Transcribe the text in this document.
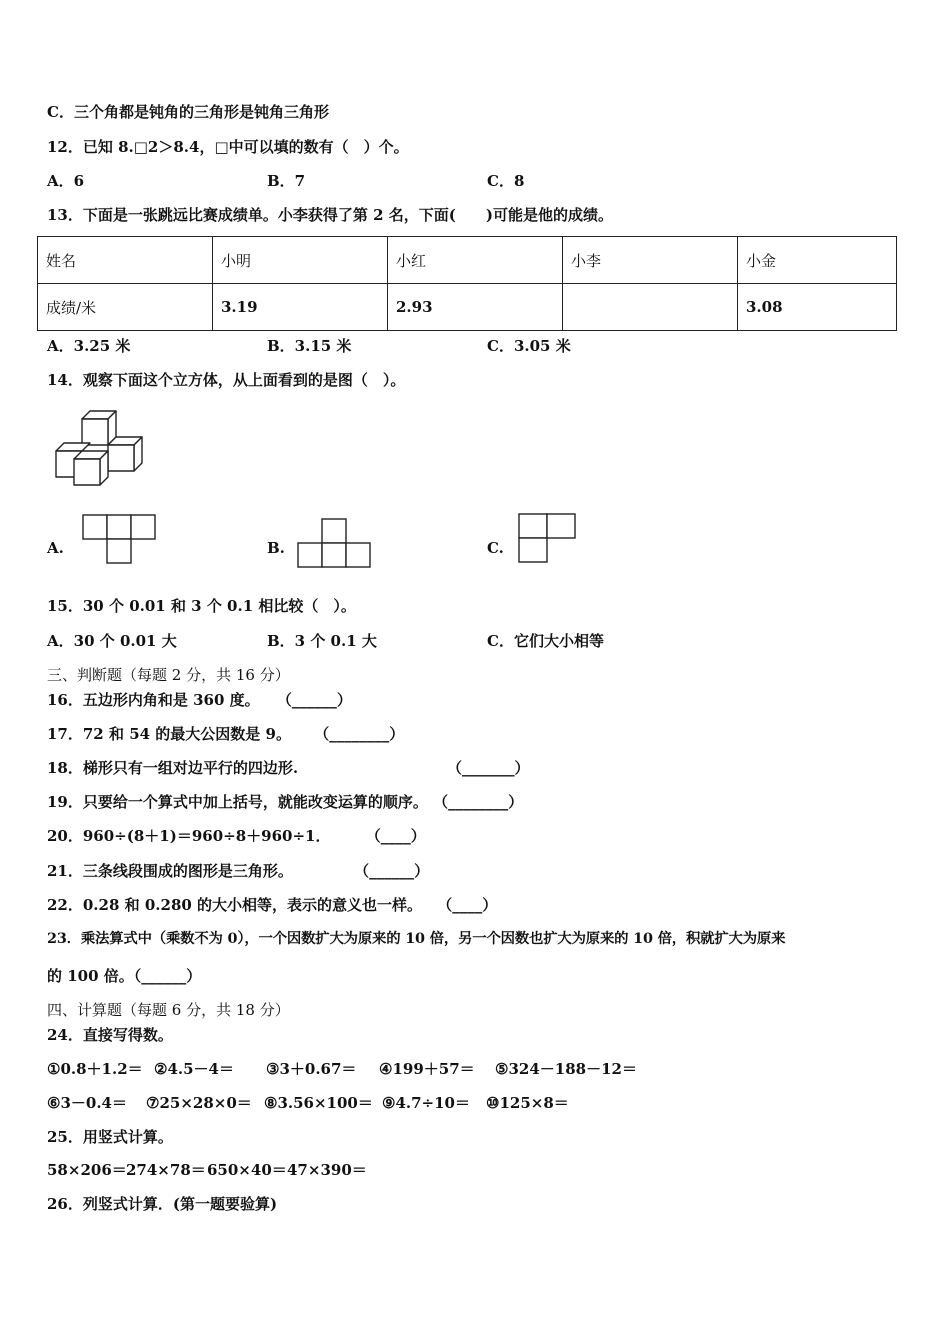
C．三个角都是钝角的三角形是钝角三角形
12．已知 8.□2＞8.4，□中可以填的数有（　）个。
A．6	B．7	C．8
13．下面是一张跳远比赛成绩单。小李获得了第 2 名，下面(　　)可能是他的成绩。
姓名	小明	小红	小李	小金
成绩/米	3.19	2.93		3.08
A．3.25 米	B．3.15 米	C．3.05 米
14．观察下面这个立方体，从上面看到的是图（　）。
A.	B.	C.
15．30 个 0.01 和 3 个 0.1 相比较（　）。
A．30 个 0.01 大	B．3 个 0.1 大	C．它们大小相等
三、判断题（每题 2 分，共 16 分）
16．五边形内角和是 360 度。 （______）
17．72 和 54 的最大公因数是 9。 （________）
18．梯形只有一组对边平行的四边形.	（_______）
19．只要给一个算式中加上括号，就能改变运算的顺序。 （________）
20．960÷(8＋1)＝960÷8＋960÷1． （____）
21．三条线段围成的图形是三角形。	（______）
22．0.28 和 0.280 的大小相等，表示的意义也一样。 （____）
23．乘法算式中（乘数不为 0），一个因数扩大为原来的 10 倍，另一个因数也扩大为原来的 10 倍，积就扩大为原来
的 100 倍。（______）
四、计算题（每题 6 分，共 18 分）
24．直接写得数。
①0.8＋1.2＝ ②4.5－4＝ ③3＋0.67＝ ④199＋57＝ ⑤324－188－12＝
⑥3－0.4＝ ⑦25×28×0＝ ⑧3.56×100＝ ⑨4.7÷10＝ ⑩125×8＝
25．用竖式计算。
58×206＝ 274×78＝ 650×40＝ 47×390＝
26．列竖式计算．(第一题要验算)
